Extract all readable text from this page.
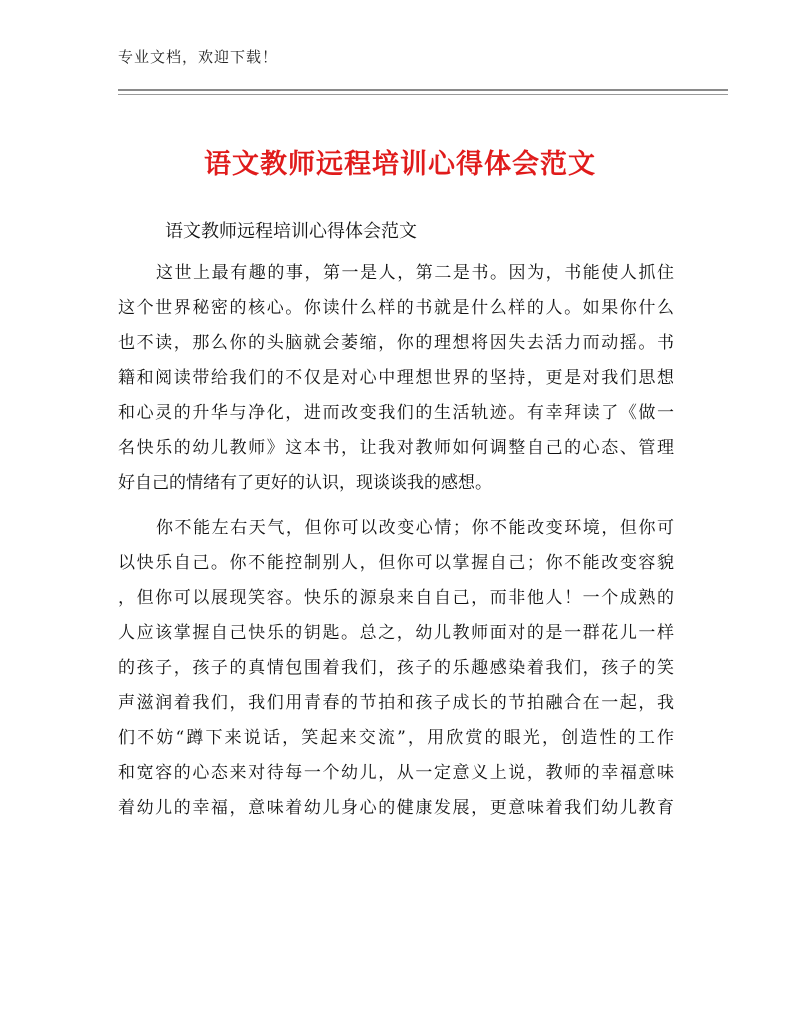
专业文档，欢迎下载！
语文教师远程培训心得体会范文
语文教师远程培训心得体会范文
这世上最有趣的事，第一是人，第二是书。因为，书能使人抓住
这个世界秘密的核心。你读什么样的书就是什么样的人。如果你什么
也不读，那么你的头脑就会萎缩，你的理想将因失去活力而动摇。书
籍和阅读带给我们的不仅是对心中理想世界的坚持，更是对我们思想
和心灵的升华与净化，进而改变我们的生活轨迹。有幸拜读了《做一
名快乐的幼儿教师》这本书，让我对教师如何调整自己的心态、管理
好自己的情绪有了更好的认识，现谈谈我的感想。
你不能左右天气，但你可以改变心情；你不能改变环境，但你可
以快乐自己。你不能控制别人，但你可以掌握自己；你不能改变容貌
，但你可以展现笑容。快乐的源泉来自自己，而非他人！一个成熟的
人应该掌握自己快乐的钥匙。总之，幼儿教师面对的是一群花儿一样
的孩子，孩子的真情包围着我们，孩子的乐趣感染着我们，孩子的笑
声滋润着我们，我们用青春的节拍和孩子成长的节拍融合在一起，我
们不妨“蹲下来说话，笑起来交流”，用欣赏的眼光，创造性的工作
和宽容的心态来对待每一个幼儿，从一定意义上说，教师的幸福意味
着幼儿的幸福，意味着幼儿身心的健康发展，更意味着我们幼儿教育
